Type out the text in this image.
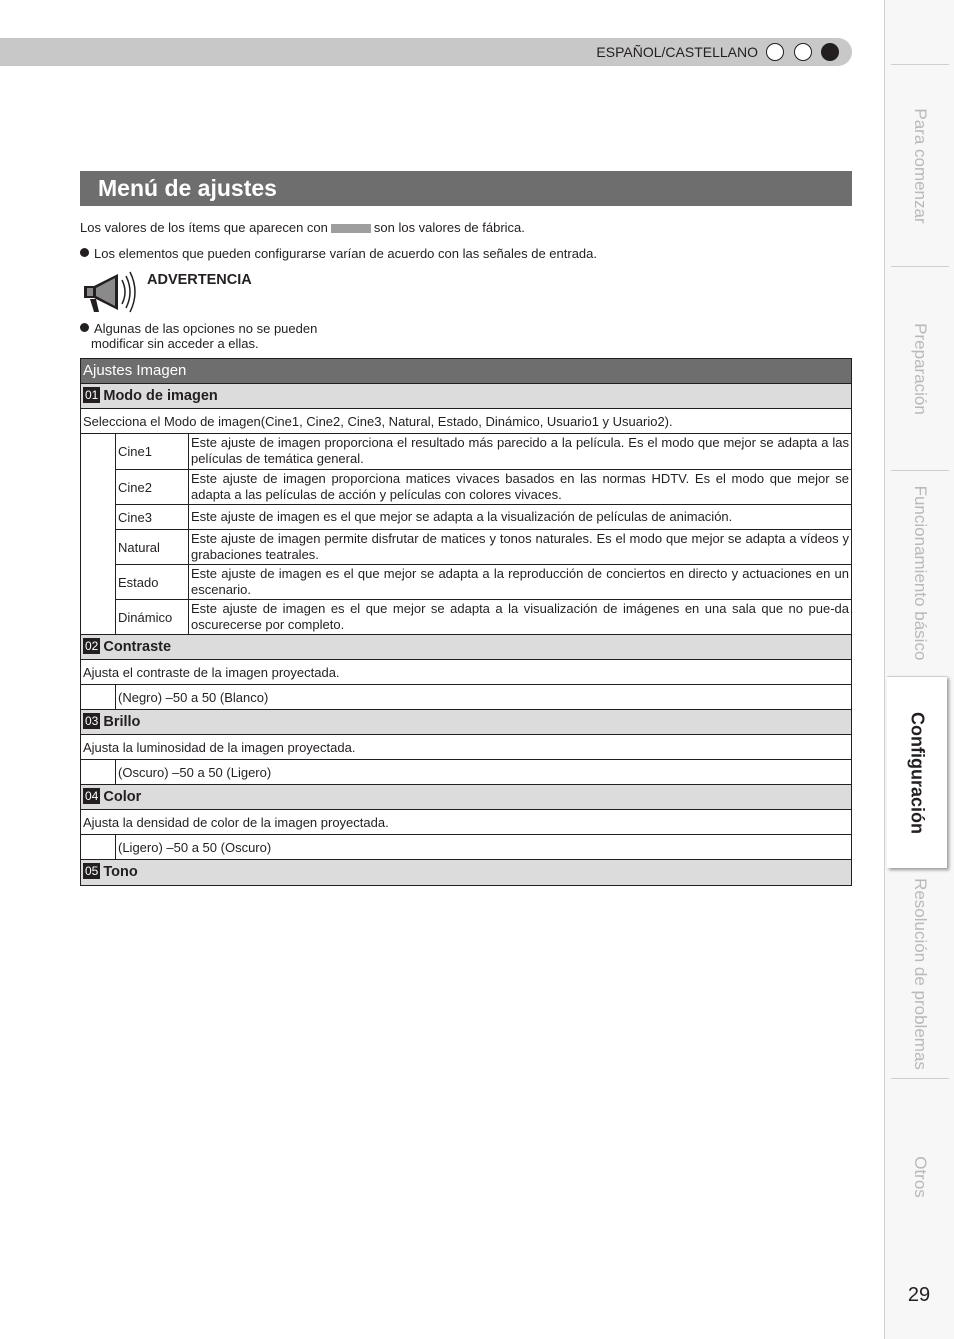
ESPAÑOL/CASTELLANO
Menú de ajustes
Los valores de los ítems que aparecen con	son los valores de fábrica.
Los elementos que pueden configurarse varían de acuerdo con las señales de entrada.
ADVERTENCIA
Algunas de las opciones no se pueden
modificar sin acceder a ellas.
Ajustes Imagen
01 Modo de imagen
Selecciona el Modo de imagen(Cine1, Cine2, Cine3, Natural, Estado, Dinámico, Usuario1 y Usuario2).
Cine1
Este ajuste de imagen proporciona el resultado más parecido a la película. Es el modo que mejor se adapta a las películas de temática general.
Cine2
Este ajuste de imagen proporciona matices vivaces basados en las normas HDTV. Es el modo que mejor se adapta a las películas de acción y películas con colores vivaces.
Cine3	Este ajuste de imagen es el que mejor se adapta a la visualización de películas de animación.
Natural
Este ajuste de imagen permite disfrutar de matices y tonos naturales. Es el modo que mejor se adapta a vídeos y grabaciones teatrales.
Estado
Este ajuste de imagen es el que mejor se adapta a la reproducción de conciertos en directo y actuaciones en un escenario.
Dinámico
Este ajuste de imagen es el que mejor se adapta a la visualización de imágenes en una sala que no pue-da oscurecerse por completo.
02 Contraste
Ajusta el contraste de la imagen proyectada.
(Negro) –50 a 50 (Blanco)
03 Brillo
Ajusta la luminosidad de la imagen proyectada.
(Oscuro) –50 a 50 (Ligero)
04 Color
Ajusta la densidad de color de la imagen proyectada.
(Ligero) –50 a 50 (Oscuro)
05 Tono
Para comenzar
Preparación
Funcionamiento básico
Configuración
Resolución de problemas
Otros
29
